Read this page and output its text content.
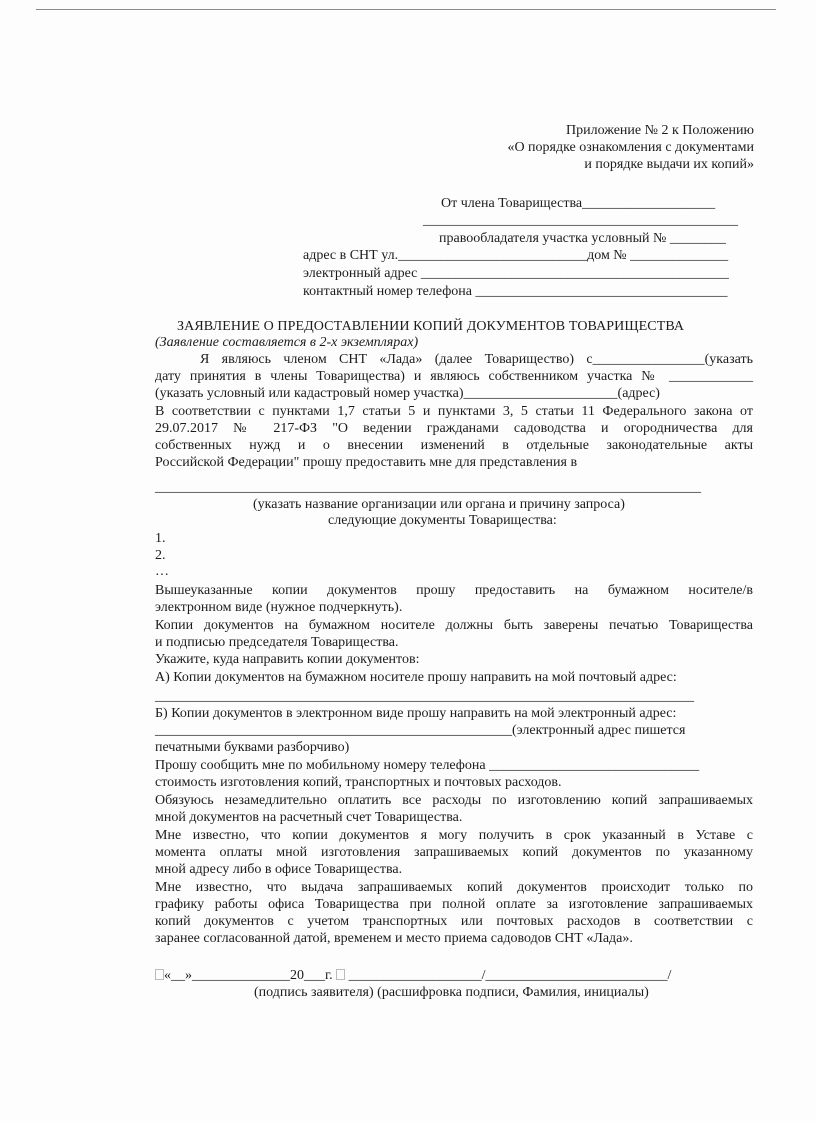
Приложение № 2 к Положению
«О порядке ознакомления с документами
и порядке выдачи их копий»
От члена Товарищества___________________
_____________________________________________
правообладателя участка условный № ________
адрес в СНТ ул.___________________________дом № ______________
электронный адрес ____________________________________________
контактный номер телефона ____________________________________
ЗАЯВЛЕНИЕ О ПРЕДОСТАВЛЕНИИ КОПИЙ ДОКУМЕНТОВ ТОВАРИЩЕСТВА
(Заявление составляется в 2-х экземплярах)
Я являюсь членом СНТ «Лада» (далее Товарищество) с________________(указать
дату принятия в члены Товарищества) и являюсь собственником участка № ____________
(указать условный или кадастровый номер участка)______________________(адрес)
В соответствии с пунктами 1,7 статьи 5 и пунктами 3, 5 статьи 11 Федерального закона от
29.07.2017 № 217-ФЗ "О ведении гражданами садоводства и огородничества для
собственных нужд и о внесении изменений в отдельные законодательные акты
Российской Федерации" прошу предоставить мне для представления в
______________________________________________________________________________
(указать название организации или органа и причину запроса)
следующие документы Товарищества:
1.
2.
…
Вышеуказанные копии документов прошу предоставить на бумажном носителе/в
электронном виде (нужное подчеркнуть).
Копии документов на бумажном носителе должны быть заверены печатью Товарищества
и подписью председателя Товарищества.
Укажите, куда направить копии документов:
А) Копии документов на бумажном носителе прошу направить на мой почтовый адрес:
_____________________________________________________________________________
Б) Копии документов в электронном виде прошу направить на мой электронный адрес:
___________________________________________________(электронный адрес пишется
печатными буквами разборчиво)
Прошу сообщить мне по мобильному номеру телефона ______________________________
стоимость изготовления копий, транспортных и почтовых расходов.
Обязуюсь незамедлительно оплатить все расходы по изготовлению копий запрашиваемых
мной документов на расчетный счет Товарищества.
Мне известно, что копии документов я могу получить в срок указанный в Уставе с
момента оплаты мной изготовления запрашиваемых копий документов по указанному
мной адресу либо в офисе Товарищества.
Мне известно, что выдача запрашиваемых копий документов происходит только по
графику работы офиса Товарищества при полной оплате за изготовление запрашиваемых
копий документов с учетом транспортных или почтовых расходов в соответствии с
заранее согласованной датой, временем и место приема садоводов СНТ «Лада».
«__»______________20___г. ___________________/__________________________/
(подпись заявителя) (расшифровка подписи, Фамилия, инициалы)
